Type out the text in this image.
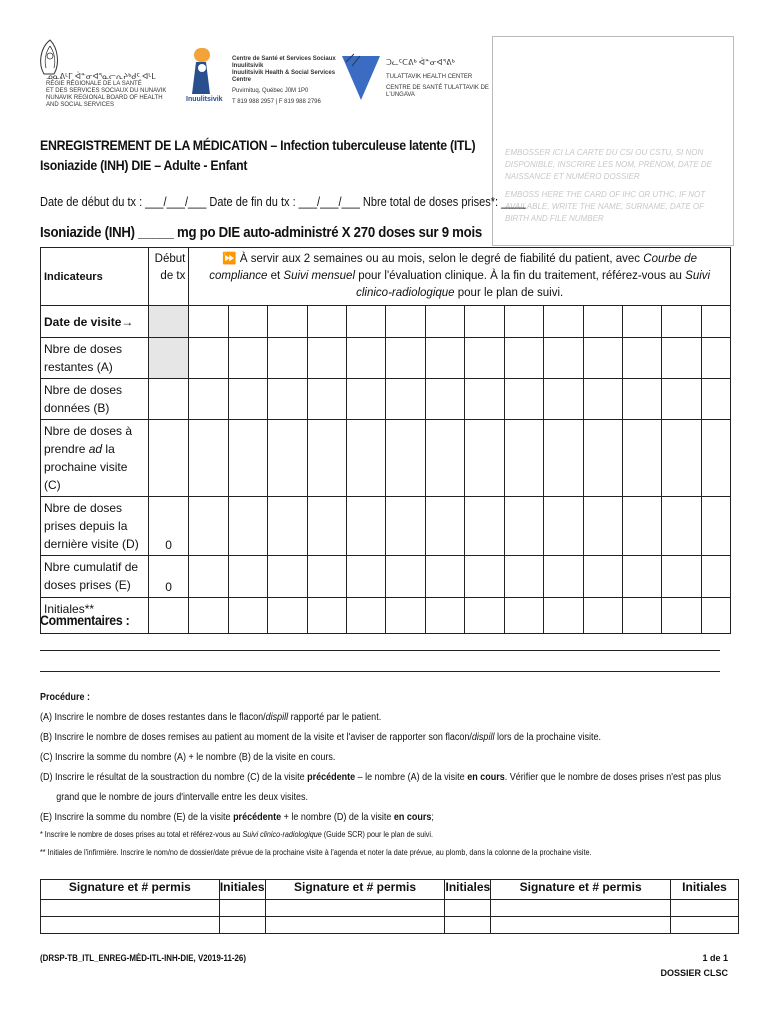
ᓄᓇᕕᒻᒥ ᐋᓐᓂᐊᕐᓇᓕᕆᔨᒃᑯᑦ ᐊᒻᒪ
RÉGIE RÉGIONALE DE LA SANTÉ
ET DES SERVICES SOCIAUX DU NUNAVIK
NUNAVIK REGIONAL BOARD OF HEALTH
AND SOCIAL SERVICES
Inuulitsivik
Centre de Santé et Services Sociaux Inuulitsivik
Inuulitsivik Health & Social Services Centre
Puvirnituq, Québec J0M 1P0
T 819 988 2957 | F 819 988 2796
ᑐᓚᑦᑕᕕᒃ ᐋᓐᓂᐊᕐᕕᒃ
TULATTAVIK HEALTH CENTER
CENTRE DE SANTÉ TULATTAVIK DE L'UNGAVA

EMBOSSER ICI LA CARTE DU CSI OU CSTU, SI NON DISPONIBLE, INSCRIRE LES NOM, PRÉNOM, DATE DE NAISSANCE ET NUMÉRO DOSSIER

EMBOSS HERE THE CARD OF IHC OR UTHC, IF NOT AVAILABLE, WRITE THE NAME, SURNAME, DATE OF BIRTH AND FILE NUMBER

ENREGISTREMENT DE LA MÉDICATION – Infection tuberculeuse latente (ITL)
Isoniazide (INH) DIE – Adulte - Enfant
Date de début du tx : ___/___/___ Date de fin du tx : ___/___/___ Nbre total de doses prises*: ____
Isoniazide (INH) _____ mg po DIE auto-administré X 270 doses sur 9 mois
Indicateurs	Début de tx	⏩ À servir aux 2 semaines ou au mois, selon le degré de fiabilité du patient, avec Courbe de compliance et Suivi mensuel pour l'évaluation clinique. À la fin du traitement, référez-vous au Suivi clinico-radiologique pour le plan de suivi.													
Date de visite→															
Nbre de doses restantes (A)															
Nbre de doses données (B)															
Nbre de doses à prendre ad la prochaine visite (C)															
Nbre de doses prises depuis la dernière visite (D)	0														
Nbre cumulatif de doses prises (E)	0														
Initiales**															
Commentaires :
Procédure :
(A) Inscrire le nombre de doses restantes dans le flacon/dispill rapporté par le patient.
(B) Inscrire le nombre de doses remises au patient au moment de la visite et l'aviser de rapporter son flacon/dispill lors de la prochaine visite.
(C) Inscrire la somme du nombre (A) + le nombre (B) de la visite en cours.
(D) Inscrire le résultat de la soustraction du nombre (C) de la visite précédente – le nombre (A) de la visite en cours. Vérifier que le nombre de doses prises n'est pas plus
grand que le nombre de jours d'intervalle entre les deux visites.
(E) Inscrire la somme du nombre (E) de la visite précédente + le nombre (D) de la visite en cours;
* Inscrire le nombre de doses prises au total et référez-vous au Suivi clinico-radiologique (Guide SCR) pour le plan de suivi.
** Initiales de l'infirmière. Inscrire le nom/no de dossier/date prévue de la prochaine visite à l'agenda et noter la date prévue, au plomb, dans la colonne de la prochaine visite.
Signature et # permis	Initiales	Signature et # permis	Initiales	Signature et # permis	Initiales

(DRSP-TB_ITL_ENREG-MÉD-ITL-INH-DIE, V2019-11-26)	1 de 1
DOSSIER CLSC
